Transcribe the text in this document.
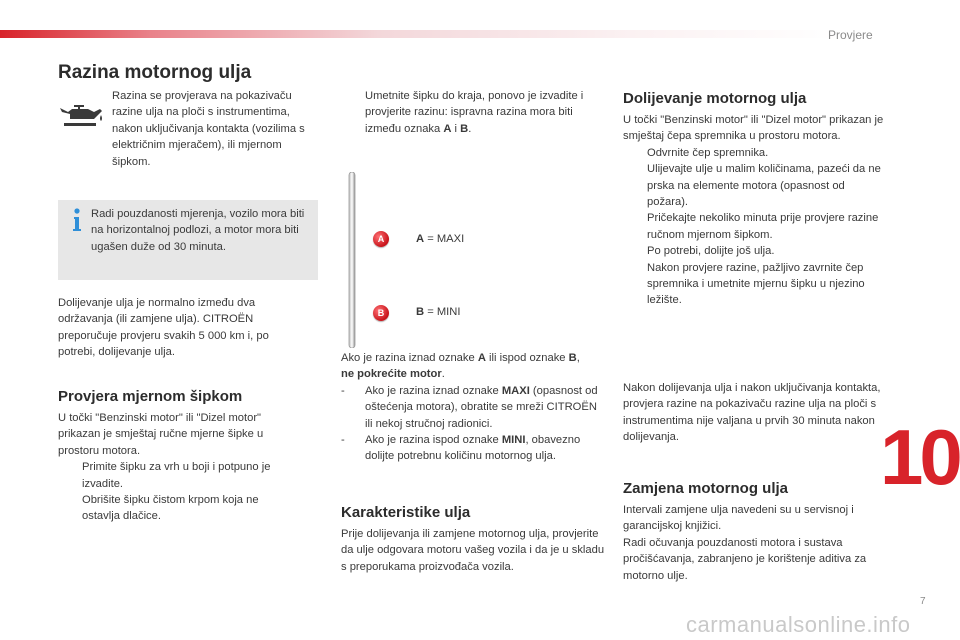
Provjere
10
7
carmanualsonline.info
Razina motornog ulja
Razina se provjerava na pokazivaču razine ulja na ploči s instrumentima, nakon uključivanja kontakta (vozilima s električnim mjeračem), ili mjernom šipkom.
Radi pouzdanosti mjerenja, vozilo mora biti na horizontalnoj podlozi, a motor mora biti ugašen duže od 30 minuta.
Dolijevanje ulja je normalno između dva održavanja (ili zamjene ulja). CITROËN preporučuje provjeru svakih 5 000 km i, po potrebi, dolijevanje ulja.
Provjera mjernom šipkom

U točki "Benzinski motor" ili "Dizel motor" prikazan je smještaj ručne mjerne šipke u prostoru motora.

Primite šipku za vrh u boji i potpuno je izvadite.
Obrišite šipku čistom krpom koja ne ostavlja dlačice.
Umetnite šipku do kraja, ponovo je izvadite i provjerite razinu: ispravna razina mora biti između oznaka A i B.
A
B
A = MAXI
B = MINI

Ako je razina iznad oznake A ili ispod oznake B,
ne pokrećite motor.

- Ako je razina iznad oznake MAXI (opasnost od oštećenja motora), obratite se mreži CITROËN ili nekoj stručnoj radionici.
- Ako je razina ispod oznake MINI, obavezno dolijte potrebnu količinu motornog ulja.
Karakteristike ulja
Prije dolijevanja ili zamjene motornog ulja, provjerite da ulje odgovara motoru vašeg vozila i da je u skladu s preporukama proizvođača vozila.
Dolijevanje motornog ulja

U točki "Benzinski motor" ili "Dizel motor" prikazan je smještaj čepa spremnika u prostoru motora.

Odvrnite čep spremnika.
Ulijevajte ulje u malim količinama, pazeći da ne prska na elemente motora (opasnost od požara).
Pričekajte nekoliko minuta prije provjere razine ručnom mjernom šipkom.
Po potrebi, dolijte još ulja.
Nakon provjere razine, pažljivo zavrnite čep spremnika i umetnite mjernu šipku u njezino ležište.
Nakon dolijevanja ulja i nakon uključivanja kontakta, provjera razine na pokazivaču razine ulja na ploči s instrumentima nije valjana u prvih 30 minuta nakon dolijevanja.
Zamjena motornog ulja

Intervali zamjene ulja navedeni su u servisnoj i garancijskoj knjižici.

Radi očuvanja pouzdanosti motora i sustava pročišćavanja, zabranjeno je korištenje aditiva za motorno ulje.
